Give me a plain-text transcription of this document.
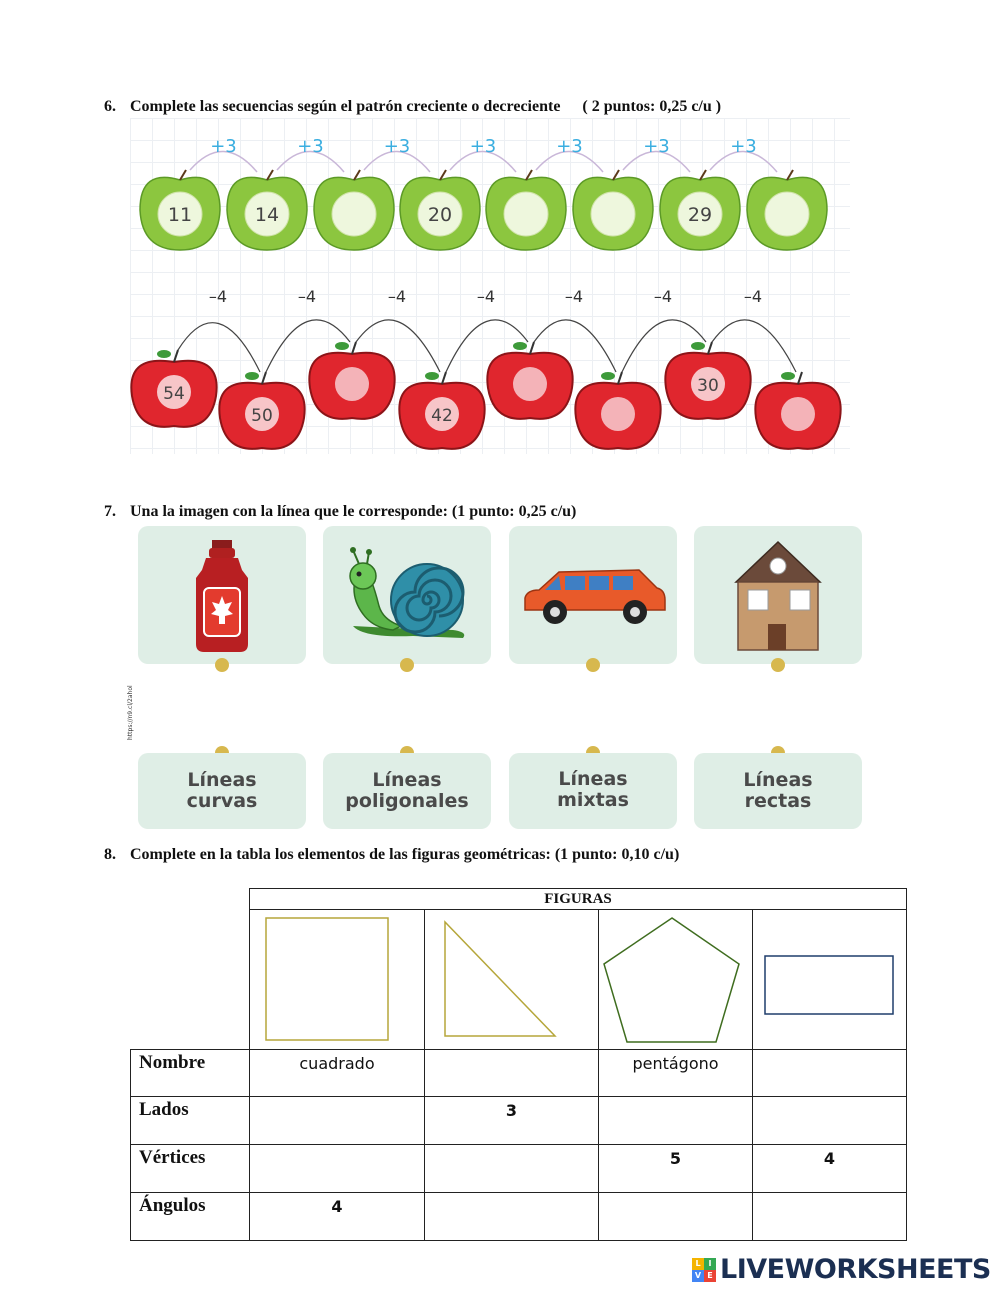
6. Complete las secuencias según el patrón creciente o decreciente ( 2 puntos: 0,25 c/u )
11
+3
14
+3	+3
20
+3	+3	+3
29
+3
54
–4
50
–4	–4
42
–4	–4	–4
30
–4
7. Una la imagen con la línea que le corresponde: (1 punto: 0,25 c/u)
https://n9.cl/2ahol
Líneas
curvas
Líneas
poligonales
Líneas
mixtas
Líneas
rectas
8. Complete en la tabla los elementos de las figuras geométricas: (1 punto: 0,10 c/u)
	FIGURAS			

Nombre	cuadrado		pentágono	
Lados		3		
Vértices			5	4
Ángulos	4			
L I
V E LIVEWORKSHEETS
